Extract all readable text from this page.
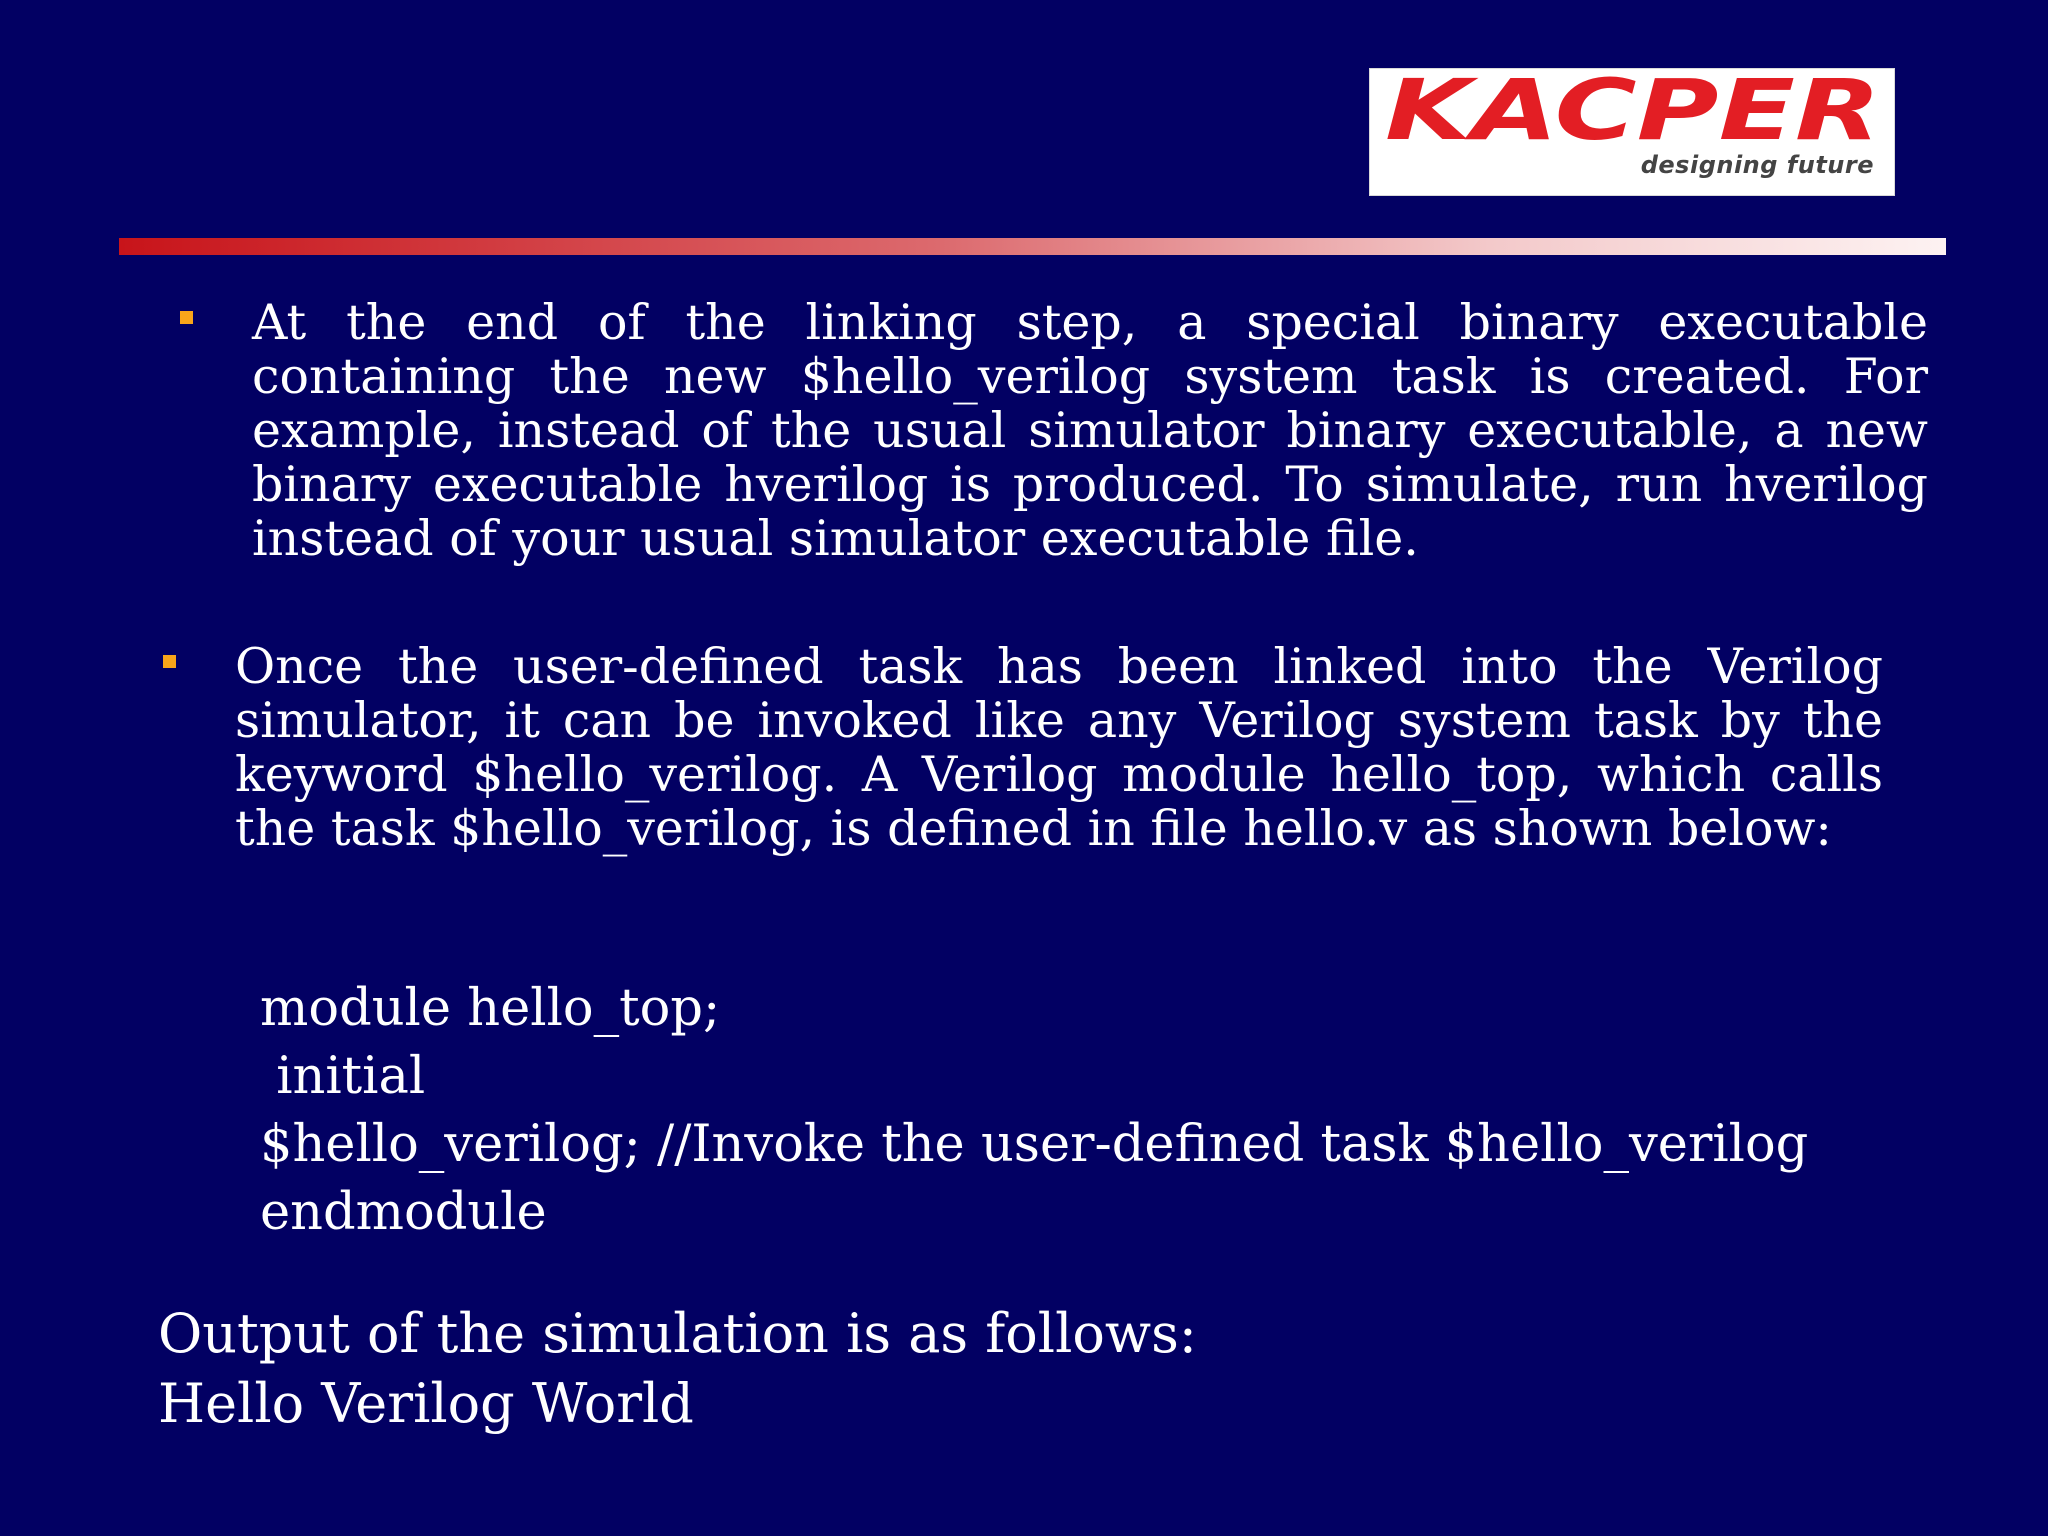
KACPER
designing future

At the end of the linking step, a special binary executable containing the new $hello_verilog system task is created. For example, instead of the usual simulator binary executable, a new binary executable hverilog is produced. To simulate, run hverilog instead of your usual simulator executable file.

Once the user-defined task has been linked into the Verilog simulator, it can be invoked like any Verilog system task by the keyword $hello_verilog. A Verilog module hello_top, which calls the task $hello_verilog, is defined in file hello.v as shown below:

module hello_top;
initial
$hello_verilog; //Invoke the user-defined task $hello_verilog
endmodule
Output of the simulation is as follows:
Hello Verilog World
